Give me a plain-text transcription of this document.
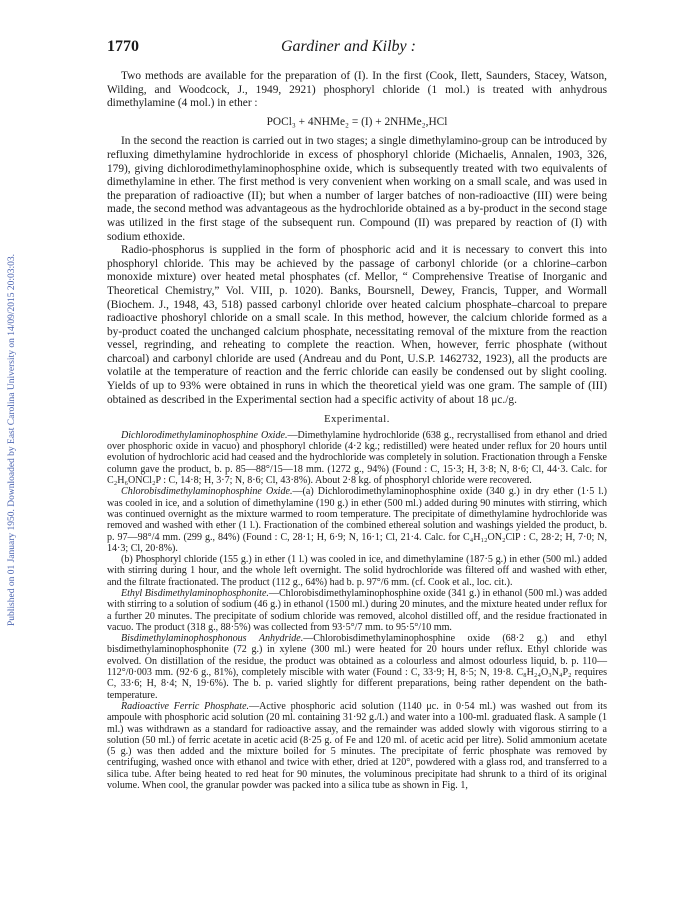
Published on 01 January 1950. Downloaded by East Carolina University on 14/09/2015 20:03:03.
1770	Gardiner and Kilby :

Two methods are available for the preparation of (I). In the first (Cook, Ilett, Saunders, Stacey, Watson, Wilding, and Woodcock, J., 1949, 2921) phosphoryl chloride (1 mol.) is treated with anhydrous dimethylamine (4 mol.) in ether :

POCl₃ + 4NHMe₂ = (I) + 2NHMe₂,HCl

In the second the reaction is carried out in two stages; a single dimethylamino-group can be introduced by refluxing dimethylamine hydrochloride in excess of phosphoryl chloride (Michaelis, Annalen, 1903, 326, 179), giving dichlorodimethylaminophosphine oxide, which is subsequently treated with two equivalents of dimethylamine in ether. The first method is very convenient when working on a small scale, and was used in the preparation of radioactive (II); but when a number of larger batches of non-radioactive (III) were being made, the second method was advantageous as the hydrochloride obtained as a by-product in the second stage was utilized in the first stage of the subsequent run. Compound (II) was prepared by reaction of (I) with sodium ethoxide.

Radio-phosphorus is supplied in the form of phosphoric acid and it is necessary to convert this into phosphoryl chloride. This may be achieved by the passage of carbonyl chloride (or a chlorine–carbon monoxide mixture) over heated metal phosphates (cf. Mellor, “ Comprehensive Treatise of Inorganic and Theoretical Chemistry,” Vol. VIII, p. 1020). Banks, Boursnell, Dewey, Francis, Tupper, and Wormall (Biochem. J., 1948, 43, 518) passed carbonyl chloride over heated calcium phosphate–charcoal to prepare radioactive phoshoryl chloride on a small scale. In this method, however, the calcium chloride formed as a by-product coated the unchanged calcium phosphate, necessitating removal of the mixture from the reaction vessel, regrinding, and reheating to complete the reaction. When, however, ferric phosphate (without charcoal) and carbonyl chloride are used (Andreau and du Pont, U.S.P. 1462732, 1923), all the products are volatile at the temperature of reaction and the ferric chloride can easily be condensed out by slight cooling. Yields of up to 93% were obtained in runs in which the theoretical yield was one gram. The sample of (III) obtained as described in the Experimental section had a specific activity of about 18 μc./g.

Experimental.

Dichlorodimethylaminophosphine Oxide.—Dimethylamine hydrochloride (638 g., recrystallised from ethanol and dried over phosphoric oxide in vacuo) and phosphoryl chloride (4·2 kg.; redistilled) were heated under reflux for 20 hours until evolution of hydrochloric acid had ceased and the hydrochloride was completely in solution. Fractionation through a Fenske column gave the product, b. p. 85—88°/15—18 mm. (1272 g., 94%) (Found : C, 15·3; H, 3·8; N, 8·6; Cl, 44·3. Calc. for C₂H₆ONCl₂P : C, 14·8; H, 3·7; N, 8·6; Cl, 43·8%). About 2·8 kg. of phosphoryl chloride were recovered.

Chlorobisdimethylaminophosphine Oxide.—(a) Dichlorodimethylaminophosphine oxide (340 g.) in dry ether (1·5 l.) was cooled in ice, and a solution of dimethylamine (190 g.) in ether (500 ml.) added during 90 minutes with stirring, which was continued overnight as the mixture warmed to room temperature. The precipitate of dimethylamine hydrochloride was removed and washed with ether (1 l.). Fractionation of the combined ethereal solution and washings yielded the product, b. p. 97—98°/4 mm. (299 g., 84%) (Found : C, 28·1; H, 6·9; N, 16·1; Cl, 21·4. Calc. for C₄H₁₂ON₂ClP : C, 28·2; H, 7·0; N, 14·3; Cl, 20·8%).

(b) Phosphoryl chloride (155 g.) in ether (1 l.) was cooled in ice, and dimethylamine (187·5 g.) in ether (500 ml.) added with stirring during 1 hour, and the whole left overnight. The solid hydrochloride was filtered off and washed with ether, and the filtrate fractionated. The product (112 g., 64%) had b. p. 97°/6 mm. (cf. Cook et al., loc. cit.).

Ethyl Bisdimethylaminophosphonite.—Chlorobisdimethylaminophosphine oxide (341 g.) in ethanol (500 ml.) was added with stirring to a solution of sodium (46 g.) in ethanol (1500 ml.) during 20 minutes, and the mixture heated under reflux for a further 20 minutes. The precipitate of sodium chloride was removed, alcohol distilled off, and the residue fractionated in vacuo. The product (318 g., 88·5%) was collected from 93·5°/7 mm. to 95·5°/10 mm.

Bisdimethylaminophosphonous Anhydride.—Chlorobisdimethylaminophosphine oxide (68·2 g.) and ethyl bisdimethylaminophosphonite (72 g.) in xylene (300 ml.) were heated for 20 hours under reflux. Ethyl chloride was evolved. On distillation of the residue, the product was obtained as a colourless and almost odourless liquid, b. p. 110—112°/0·003 mm. (92·6 g., 81%), completely miscible with water (Found : C, 33·9; H, 8·5; N, 19·8. C₈H₂₄O₃N₄P₂ requires C, 33·6; H, 8·4; N, 19·6%). The b. p. varied slightly for different preparations, being rather dependent on the bath-temperature.

Radioactive Ferric Phosphate.—Active phosphoric acid solution (1140 μc. in 0·54 ml.) was washed out from its ampoule with phosphoric acid solution (20 ml. containing 31·92 g./l.) and water into a 100-ml. graduated flask. A sample (1 ml.) was withdrawn as a standard for radioactive assay, and the remainder was added slowly with vigorous stirring to a solution (50 ml.) of ferric acetate in acetic acid (8·25 g. of Fe and 120 ml. of acetic acid per litre). Solid ammonium acetate (5 g.) was then added and the mixture boiled for 5 minutes. The precipitate of ferric phosphate was removed by centrifuging, washed once with ethanol and twice with ether, dried at 120°, powdered with a glass rod, and transferred to a silica tube. After being heated to red heat for 90 minutes, the voluminous precipitate had shrunk to a third of its original volume. When cool, the granular powder was packed into a silica tube as shown in Fig. 1,
